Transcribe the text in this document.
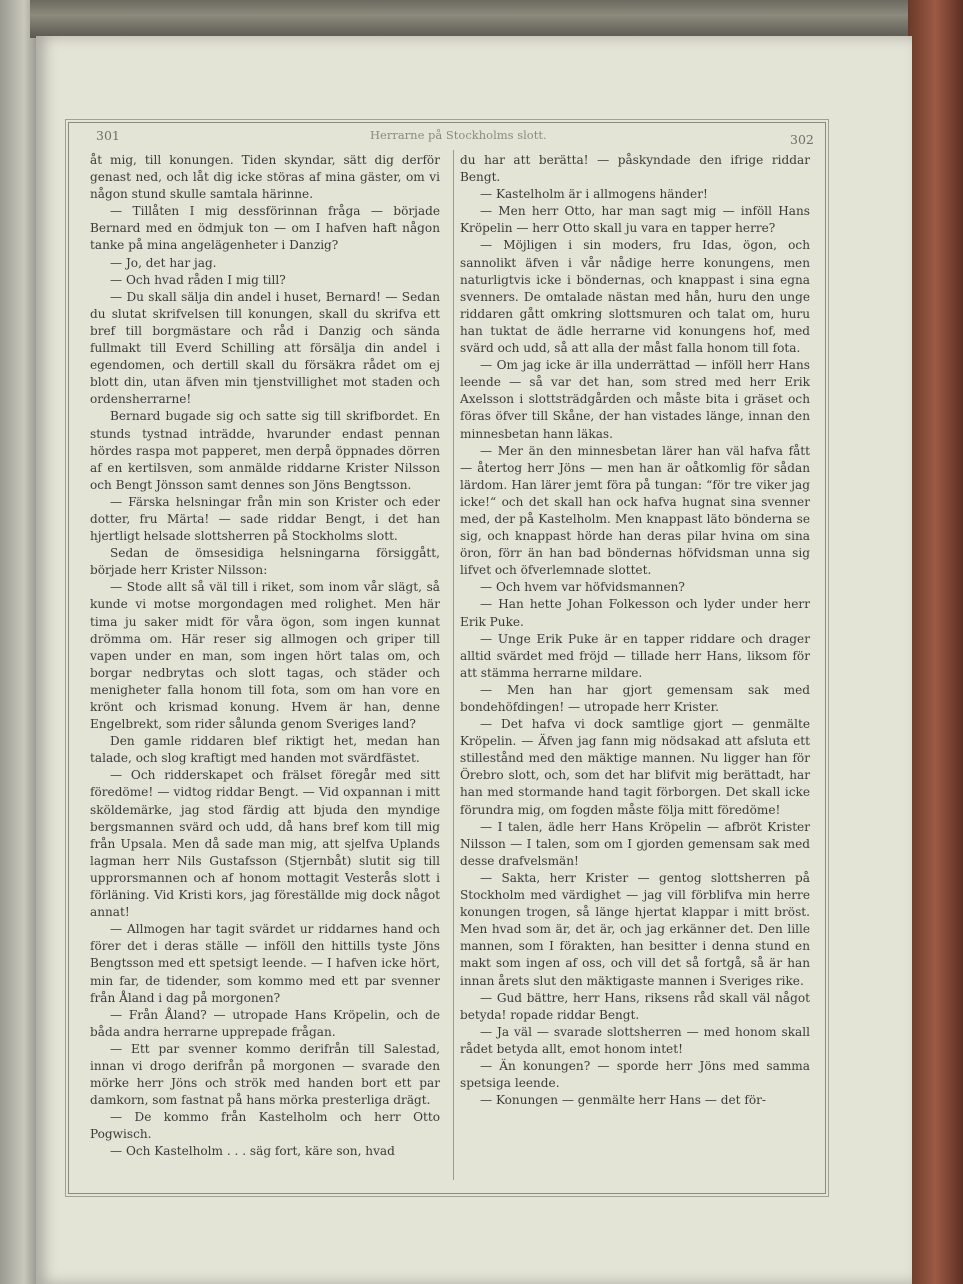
301	Herrarne på Stockholms slott.	302

åt mig, till konungen. Tiden skyndar, sätt dig derför genast ned, och låt dig icke störas af mina gäster, om vi någon stund skulle samtala härinne.

— Tillåten I mig dessförinnan fråga — började Bernard med en ödmjuk ton — om I hafven haft någon tanke på mina angelägenheter i Danzig?

— Jo, det har jag.

— Och hvad råden I mig till?

— Du skall sälja din andel i huset, Bernard! — Sedan du slutat skrifvelsen till konungen, skall du skrifva ett bref till borgmästare och råd i Danzig och sända fullmakt till Everd Schilling att försälja din andel i egendomen, och dertill skall du försäkra rådet om ej blott din, utan äfven min tjenstvillighet mot staden och ordensherrarne!

Bernard bugade sig och satte sig till skrifbordet. En stunds tystnad inträdde, hvarunder endast pennan hördes raspa mot papperet, men derpå öppnades dörren af en kertilsven, som anmälde riddarne Krister Nilsson och Bengt Jönsson samt dennes son Jöns Bengtsson.

— Färska helsningar från min son Krister och eder dotter, fru Märta! — sade riddar Bengt, i det han hjertligt helsade slottsherren på Stockholms slott.

Sedan de ömsesidiga helsningarna försiggått, började herr Krister Nilsson:

— Stode allt så väl till i riket, som inom vår slägt, så kunde vi motse morgondagen med rolighet. Men här tima ju saker midt för våra ögon, som ingen kunnat drömma om. Här reser sig allmogen och griper till vapen under en man, som ingen hört talas om, och borgar nedbrytas och slott tagas, och städer och menigheter falla honom till fota, som om han vore en krönt och krismad konung. Hvem är han, denne Engelbrekt, som rider sålunda genom Sveriges land?

Den gamle riddaren blef riktigt het, medan han talade, och slog kraftigt med handen mot svärdfästet.

— Och ridderskapet och frälset föregår med sitt föredöme! — vidtog riddar Bengt. — Vid oxpannan i mitt sköldemärke, jag stod färdig att bjuda den myndige bergsmannen svärd och udd, då hans bref kom till mig från Upsala. Men då sade man mig, att sjelfva Uplands lagman herr Nils Gustafsson (Stjernbåt) slutit sig till upprorsmannen och af honom mottagit Vesterås slott i förläning. Vid Kristi kors, jag föreställde mig dock något annat!

— Allmogen har tagit svärdet ur riddarnes hand och förer det i deras ställe — inföll den hittills tyste Jöns Bengtsson med ett spetsigt leende. — I hafven icke hört, min far, de tidender, som kommo med ett par svenner från Åland i dag på morgonen?

— Från Åland? — utropade Hans Kröpelin, och de båda andra herrarne upprepade frågan.

— Ett par svenner kommo derifrån till Salestad, innan vi drogo derifrån på morgonen — svarade den mörke herr Jöns och strök med handen bort ett par damkorn, som fastnat på hans mörka presterliga drägt.

— De kommo från Kastelholm och herr Otto Pogwisch.

— Och Kastelholm . . . säg fort, käre son, hvad

du har att berätta! — påskyndade den ifrige riddar Bengt.

— Kastelholm är i allmogens händer!

— Men herr Otto, har man sagt mig — inföll Hans Kröpelin — herr Otto skall ju vara en tapper herre?

— Möjligen i sin moders, fru Idas, ögon, och sannolikt äfven i vår nådige herre konungens, men naturligtvis icke i böndernas, och knappast i sina egna svenners. De omtalade nästan med hån, huru den unge riddaren gått omkring slottsmuren och talat om, huru han tuktat de ädle herrarne vid konungens hof, med svärd och udd, så att alla der måst falla honom till fota.

— Om jag icke är illa underrättad — inföll herr Hans leende — så var det han, som stred med herr Erik Axelsson i slottsträdgården och måste bita i gräset och föras öfver till Skåne, der han vistades länge, innan den minnesbetan hann läkas.

— Mer än den minnesbetan lärer han väl hafva fått — återtog herr Jöns — men han är oåtkomlig för sådan lärdom. Han lärer jemt föra på tungan: “för tre viker jag icke!“ och det skall han ock hafva hugnat sina svenner med, der på Kastelholm. Men knappast läto bönderna se sig, och knappast hörde han deras pilar hvina om sina öron, förr än han bad böndernas höfvidsman unna sig lifvet och öfverlemnade slottet.

— Och hvem var höfvidsmannen?

— Han hette Johan Folkesson och lyder under herr Erik Puke.

— Unge Erik Puke är en tapper riddare och drager alltid svärdet med fröjd — tillade herr Hans, liksom för att stämma herrarne mildare.

— Men han har gjort gemensam sak med bondehöfdingen! — utropade herr Krister.

— Det hafva vi dock samtlige gjort — genmälte Kröpelin. — Äfven jag fann mig nödsakad att afsluta ett stillestånd med den mäktige mannen. Nu ligger han för Örebro slott, och, som det har blifvit mig berättadt, har han med stormande hand tagit förborgen. Det skall icke förundra mig, om fogden måste följa mitt föredöme!

— I talen, ädle herr Hans Kröpelin — afbröt Krister Nilsson — I talen, som om I gjorden gemensam sak med desse drafvelsmän!

— Sakta, herr Krister — gentog slottsherren på Stockholm med värdighet — jag vill förblifva min herre konungen trogen, så länge hjertat klappar i mitt bröst. Men hvad som är, det är, och jag erkänner det. Den lille mannen, som I förakten, han besitter i denna stund en makt som ingen af oss, och vill det så fortgå, så är han innan årets slut den mäktigaste mannen i Sveriges rike.

— Gud bättre, herr Hans, riksens råd skall väl något betyda! ropade riddar Bengt.

— Ja väl — svarade slottsherren — med honom skall rådet betyda allt, emot honom intet!

— Än konungen? — sporde herr Jöns med samma spetsiga leende.

— Konungen — genmälte herr Hans — det för-
